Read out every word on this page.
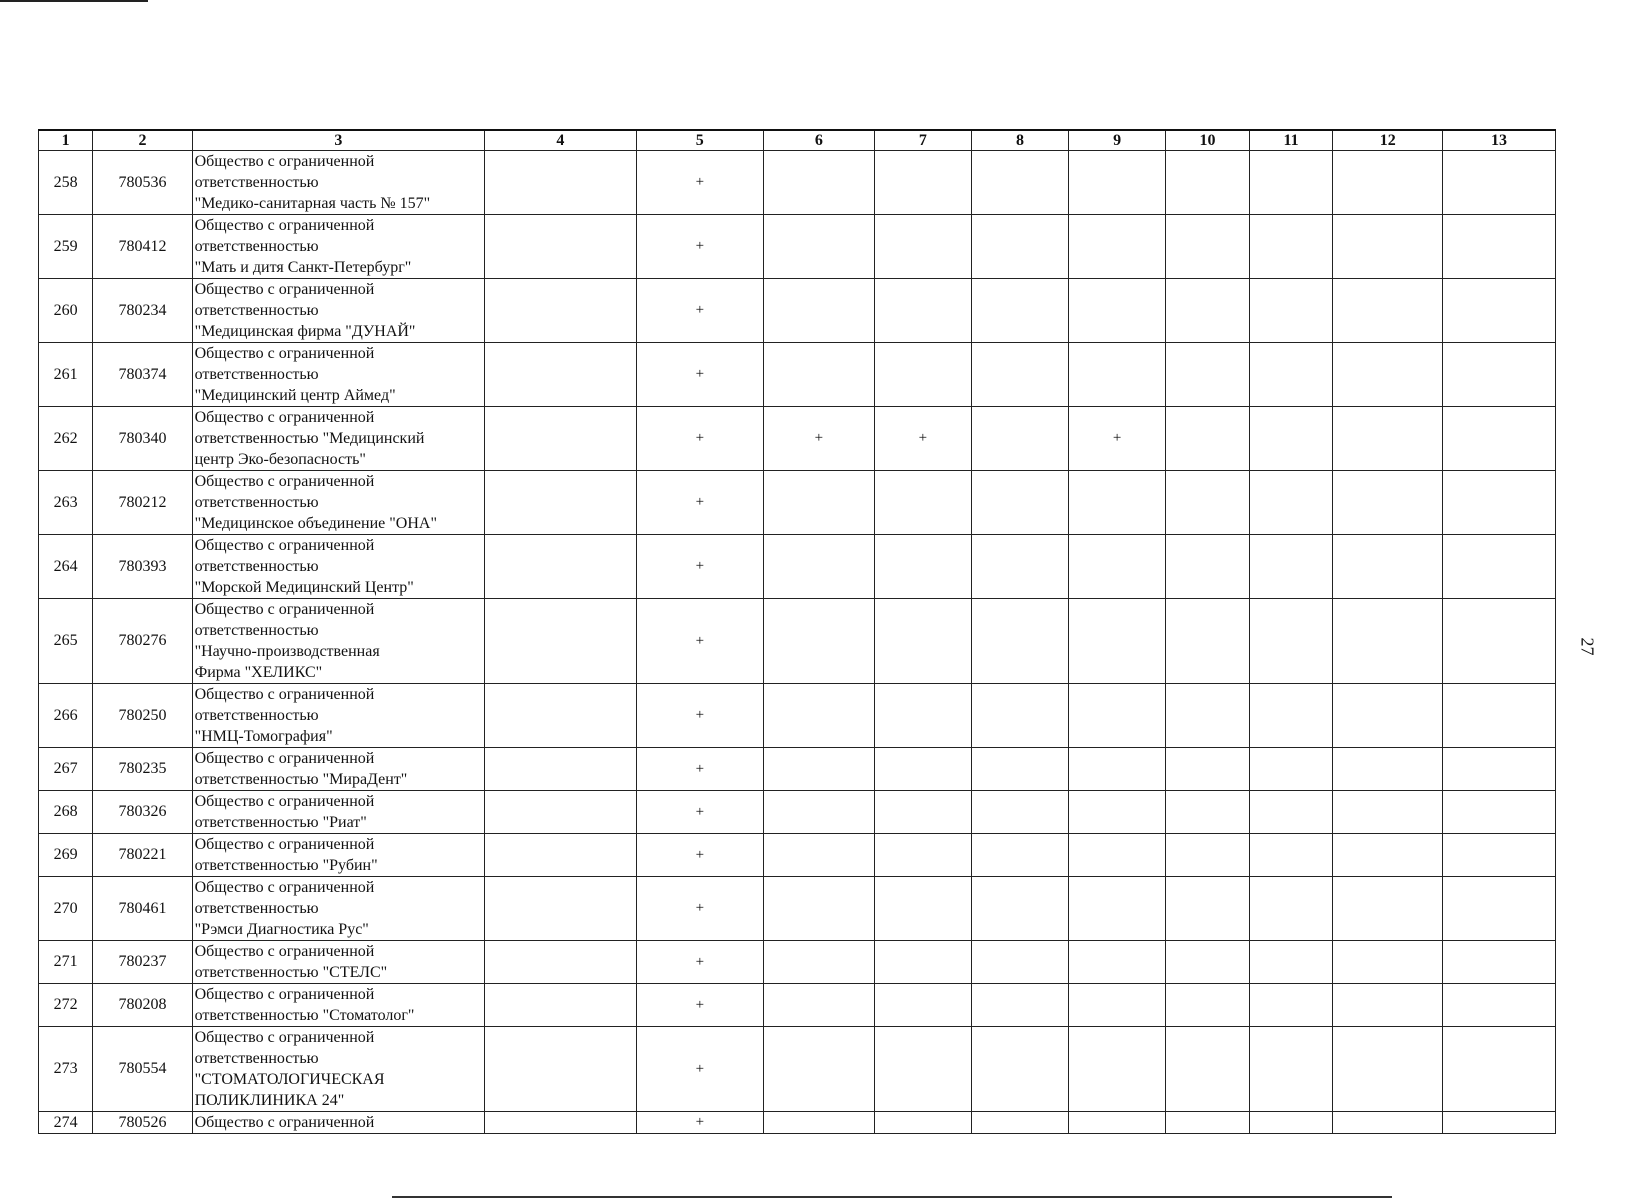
1	2	3	4	5	6	7	8	9	10	11	12	13
258	780536	Общество с ограниченной
ответственностью
"Медико-санитарная часть № 157"		+								
259	780412	Общество с ограниченной
ответственностью
"Мать и дитя Санкт-Петербург"		+								
260	780234	Общество с ограниченной
ответственностью
"Медицинская фирма "ДУНАЙ"		+								
261	780374	Общество с ограниченной
ответственностью
"Медицинский центр Аймед"		+								
262	780340	Общество с ограниченной
ответственностью "Медицинский
центр Эко-безопасность"		+	+	+		+				
263	780212	Общество с ограниченной
ответственностью
"Медицинское объединение "ОНА"		+								
264	780393	Общество с ограниченной
ответственностью
"Морской Медицинский Центр"		+								
265	780276	Общество с ограниченной
ответственностью
"Научно-производственная
Фирма "ХЕЛИКС"		+								
266	780250	Общество с ограниченной
ответственностью
"НМЦ-Томография"		+								
267	780235	Общество с ограниченной
ответственностью "МираДент"		+								
268	780326	Общество с ограниченной
ответственностью "Риат"		+								
269	780221	Общество с ограниченной
ответственностью "Рубин"		+								
270	780461	Общество с ограниченной
ответственностью
"Рэмси Диагностика Рус"		+								
271	780237	Общество с ограниченной
ответственностью "СТЕЛС"		+								
272	780208	Общество с ограниченной
ответственностью "Стоматолог"		+								
273	780554	Общество с ограниченной
ответственностью
"СТОМАТОЛОГИЧЕСКАЯ
ПОЛИКЛИНИКА 24"		+								
274	780526	Общество с ограниченной		+								
27
